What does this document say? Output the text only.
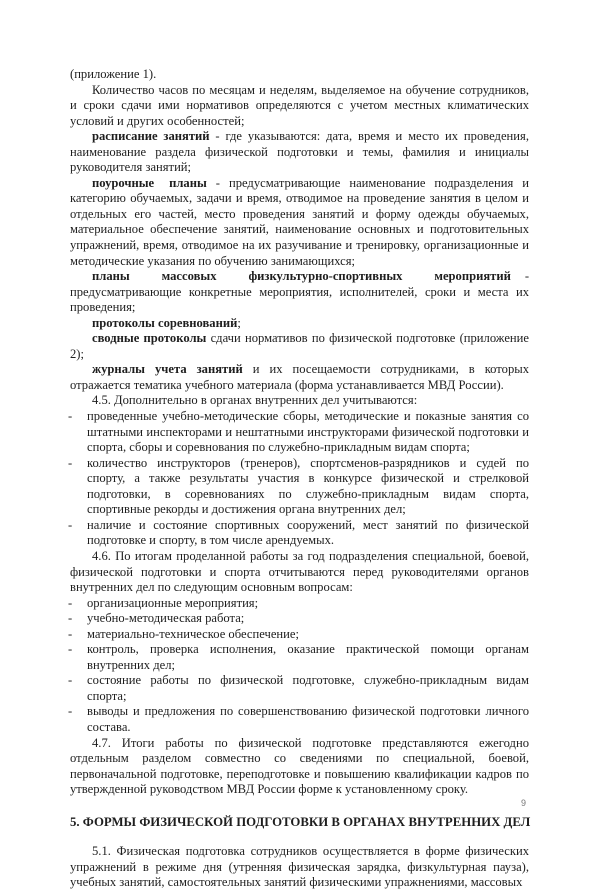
(приложение 1).

Количество часов по месяцам и неделям, выделяемое на обучение сотрудников, и сроки сдачи ими нормативов определяются с учетом местных климатических условий и других особенностей;

расписание занятий - где указываются: дата, время и место их проведения, наименование раздела физической подготовки и темы, фамилия и инициалы руководителя занятий;

поурочные планы - предусматривающие наименование подразделения и категорию обучаемых, задачи и время, отводимое на проведение занятия в целом и отдельных его частей, место проведения занятий и форму одежды обучаемых, материальное обеспечение занятий, наименование основных и подготовительных упражнений, время, отводимое на их разучивание и тренировку, организационные и методические указания по обучению занимающихся;

планы массовых физкультурно-спортивных мероприятий - предусматривающие конкретные мероприятия, исполнителей, сроки и места их проведения;

протоколы соревнований;

сводные протоколы сдачи нормативов по физической подготовке (приложение 2);

журналы учета занятий и их посещаемости сотрудниками, в которых отражается тематика учебного материала (форма устанавливается МВД России).

4.5. Дополнительно в органах внутренних дел учитываются:

- проведенные учебно-методические сборы, методические и показные занятия со штатными инспекторами и нештатными инструкторами физической подготовки и спорта, сборы и соревнования по служебно-прикладным видам спорта;
- количество инструкторов (тренеров), спортсменов-разрядников и судей по спорту, а также результаты участия в конкурсе физической и стрелковой подготовки, в соревнованиях по служебно-прикладным видам спорта, спортивные рекорды и достижения органа внутренних дел;
- наличие и состояние спортивных сооружений, мест занятий по физической подготовке и спорту, в том числе арендуемых.

4.6. По итогам проделанной работы за год подразделения специальной, боевой, физической подготовки и спорта отчитываются перед руководителями органов внутренних дел по следующим основным вопросам:

- организационные мероприятия;
- учебно-методическая работа;
- материально-техническое обеспечение;
- контроль, проверка исполнения, оказание практической помощи органам внутренних дел;
- состояние работы по физической подготовке, служебно-прикладным видам спорта;
- выводы и предложения по совершенствованию физической подготовки личного состава.

4.7. Итоги работы по физической подготовке представляются ежегодно отдельным разделом совместно со сведениями по специальной, боевой, первоначальной подготовке, переподготовке и повышению квалификации кадров по утвержденной руководством МВД России форме к установленному сроку.

5. ФОРМЫ ФИЗИЧЕСКОЙ ПОДГОТОВКИ В ОРГАНАХ ВНУТРЕННИХ ДЕЛ

5.1. Физическая подготовка сотрудников осуществляется в форме физических упражнений в режиме дня (утренняя физическая зарядка, физкультурная пауза), учебных занятий, самостоятельных занятий физическими упражнениями, массовых

9
